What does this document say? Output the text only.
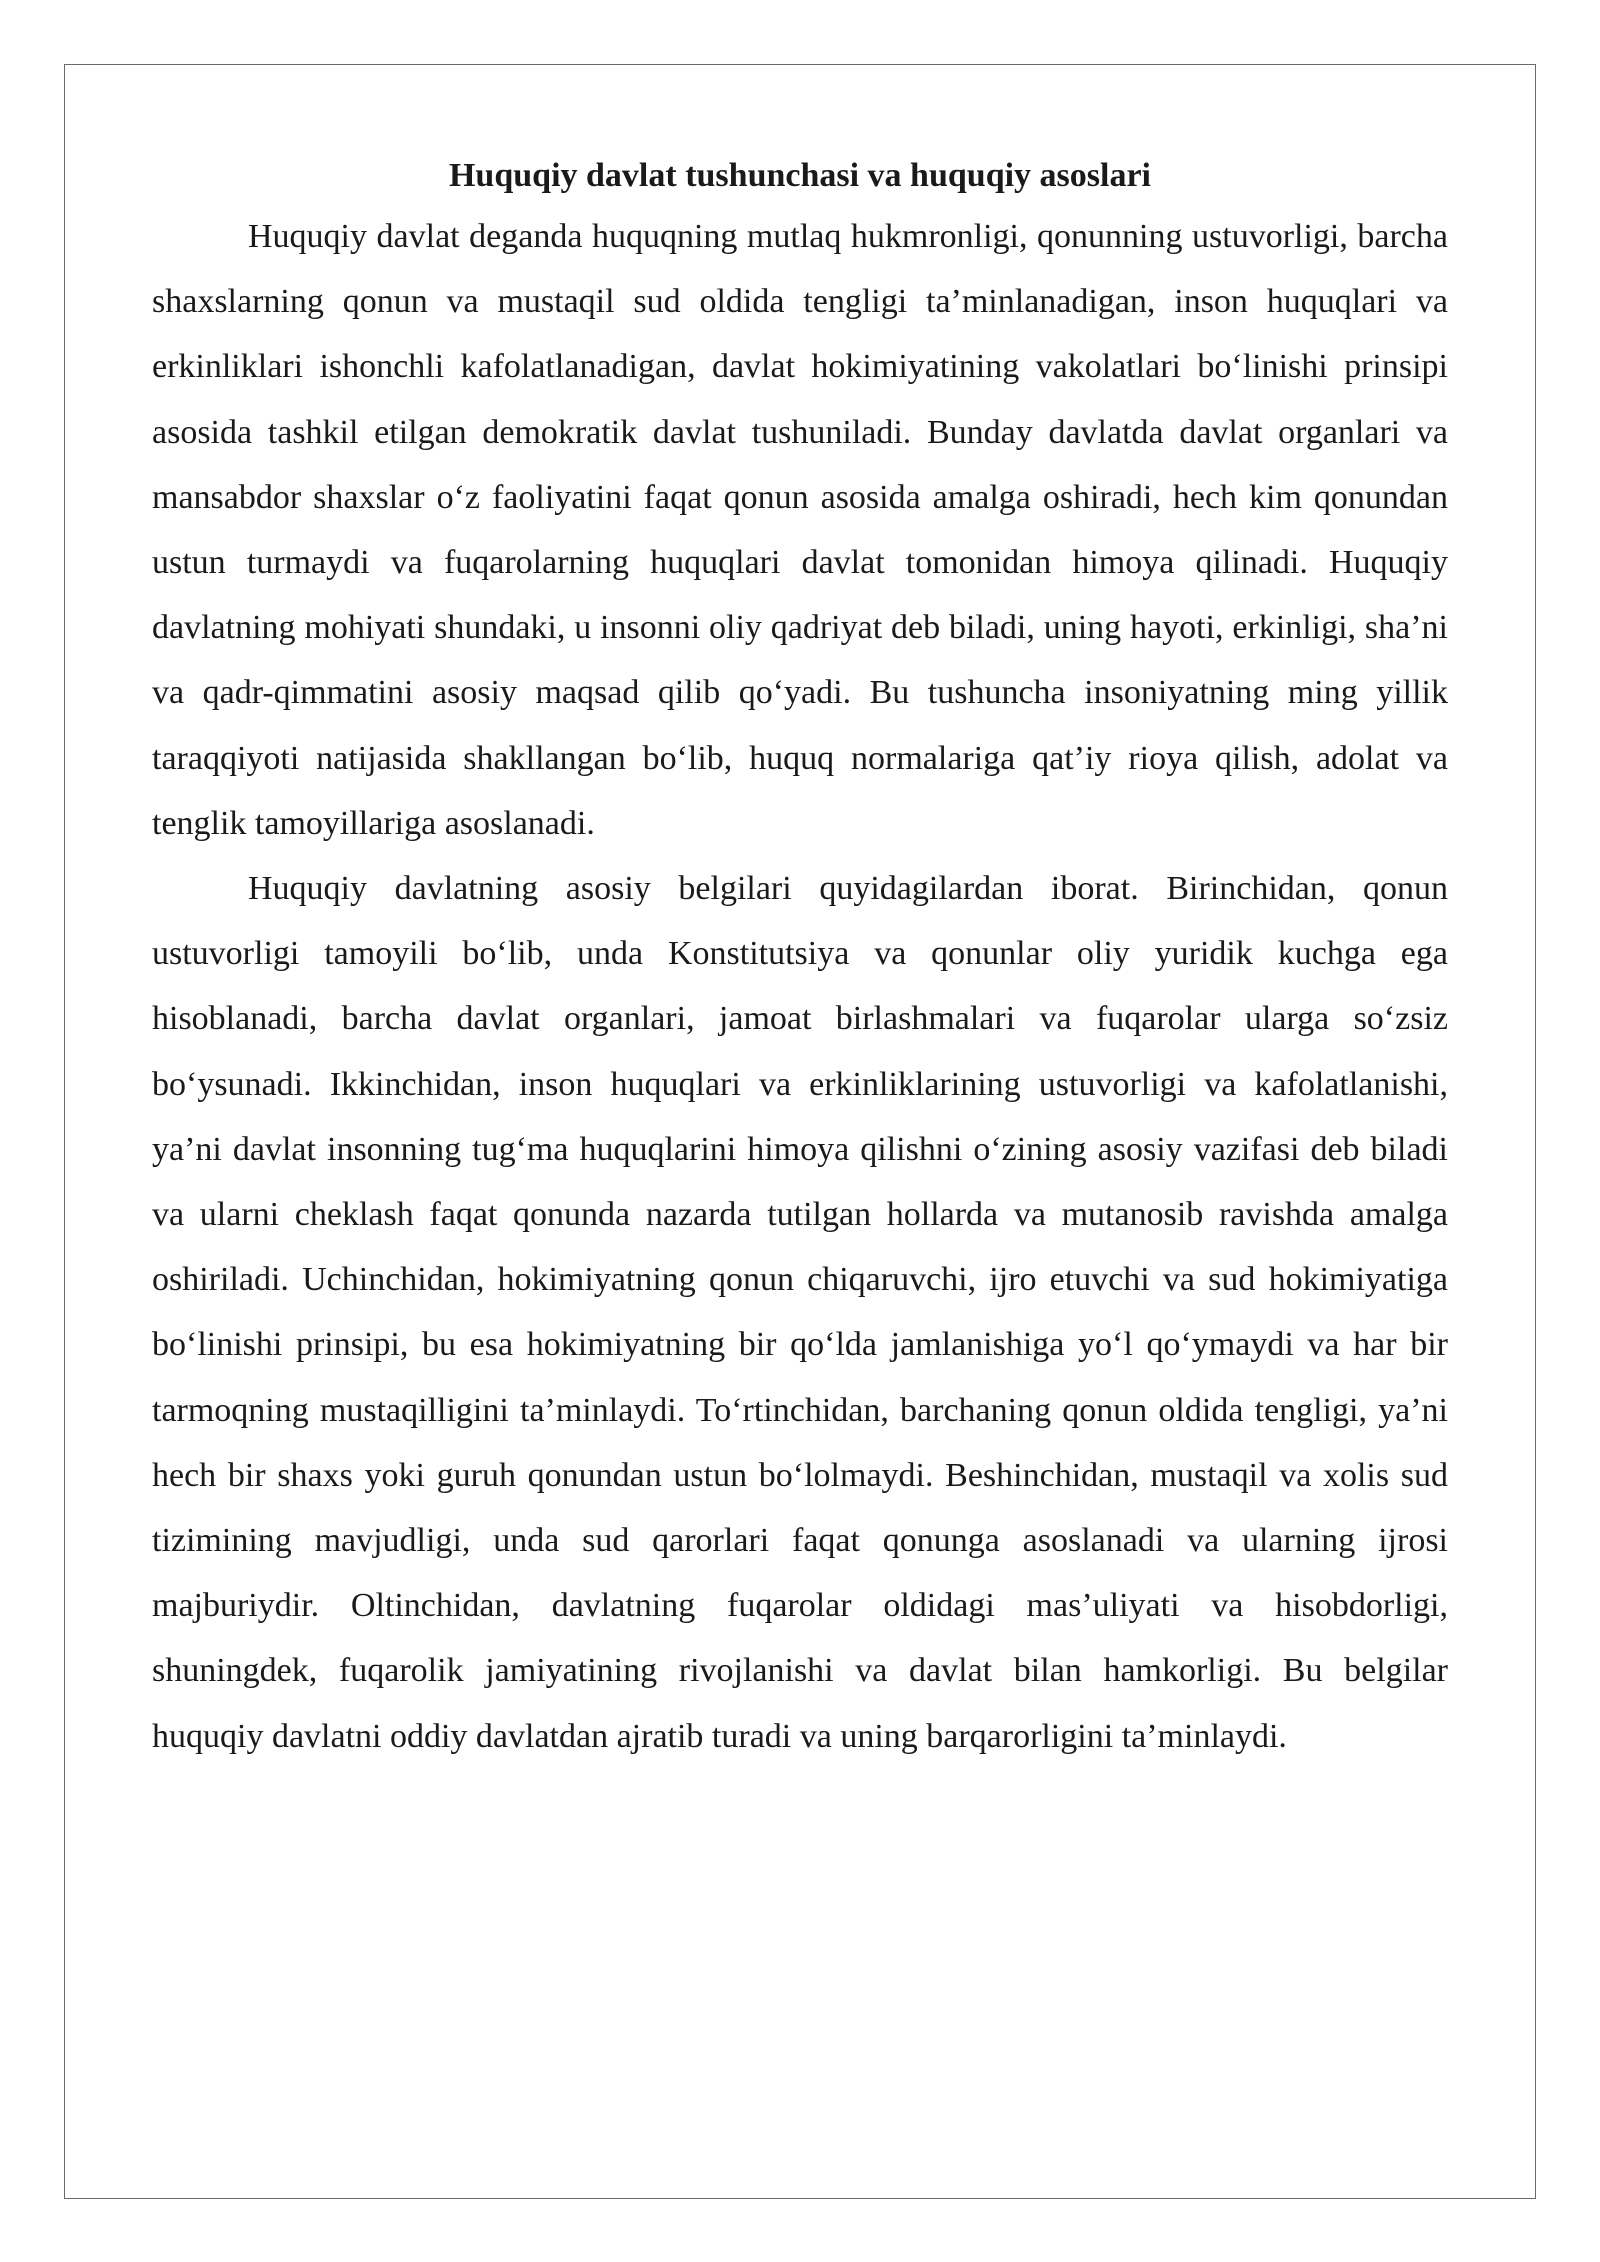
Huquqiy davlat tushunchasi va huquqiy asoslari

Huquqiy davlat deganda huquqning mutlaq hukmronligi, qonunning ustuvorligi, barcha shaxslarning qonun va mustaqil sud oldida tengligi ta’minlanadigan, inson huquqlari va erkinliklari ishonchli kafolatlanadigan, davlat hokimiyatining vakolatlari bo‘linishi prinsipi asosida tashkil etilgan demokratik davlat tushuniladi. Bunday davlatda davlat organlari va mansabdor shaxslar o‘z faoliyatini faqat qonun asosida amalga oshiradi, hech kim qonundan ustun turmaydi va fuqarolarning huquqlari davlat tomonidan himoya qilinadi. Huquqiy davlatning mohiyati shundaki, u insonni oliy qadriyat deb biladi, uning hayoti, erkinligi, sha’ni va qadr-qimmatini asosiy maqsad qilib qo‘yadi. Bu tushuncha insoniyatning ming yillik taraqqiyoti natijasida shakllangan bo‘lib, huquq normalariga qat’iy rioya qilish, adolat va tenglik tamoyillariga asoslanadi.

Huquqiy davlatning asosiy belgilari quyidagilardan iborat. Birinchidan, qonun ustuvorligi tamoyili bo‘lib, unda Konstitutsiya va qonunlar oliy yuridik kuchga ega hisoblanadi, barcha davlat organlari, jamoat birlashmalari va fuqarolar ularga so‘zsiz bo‘ysunadi. Ikkinchidan, inson huquqlari va erkinliklarining ustuvorligi va kafolatlanishi, ya’ni davlat insonning tug‘ma huquqlarini himoya qilishni o‘zining asosiy vazifasi deb biladi va ularni cheklash faqat qonunda nazarda tutilgan hollarda va mutanosib ravishda amalga oshiriladi. Uchinchidan, hokimiyatning qonun chiqaruvchi, ijro etuvchi va sud hokimiyatiga bo‘linishi prinsipi, bu esa hokimiyatning bir qo‘lda jamlanishiga yo‘l qo‘ymaydi va har bir tarmoqning mustaqilligini ta’minlaydi. To‘rtinchidan, barchaning qonun oldida tengligi, ya’ni hech bir shaxs yoki guruh qonundan ustun bo‘lolmaydi. Beshinchidan, mustaqil va xolis sud tizimining mavjudligi, unda sud qarorlari faqat qonunga asoslanadi va ularning ijrosi majburiydir. Oltinchidan, davlatning fuqarolar oldidagi mas’uliyati va hisobdorligi, shuningdek, fuqarolik jamiyatining rivojlanishi va davlat bilan hamkorligi. Bu belgilar huquqiy davlatni oddiy davlatdan ajratib turadi va uning barqarorligini ta’minlaydi.
